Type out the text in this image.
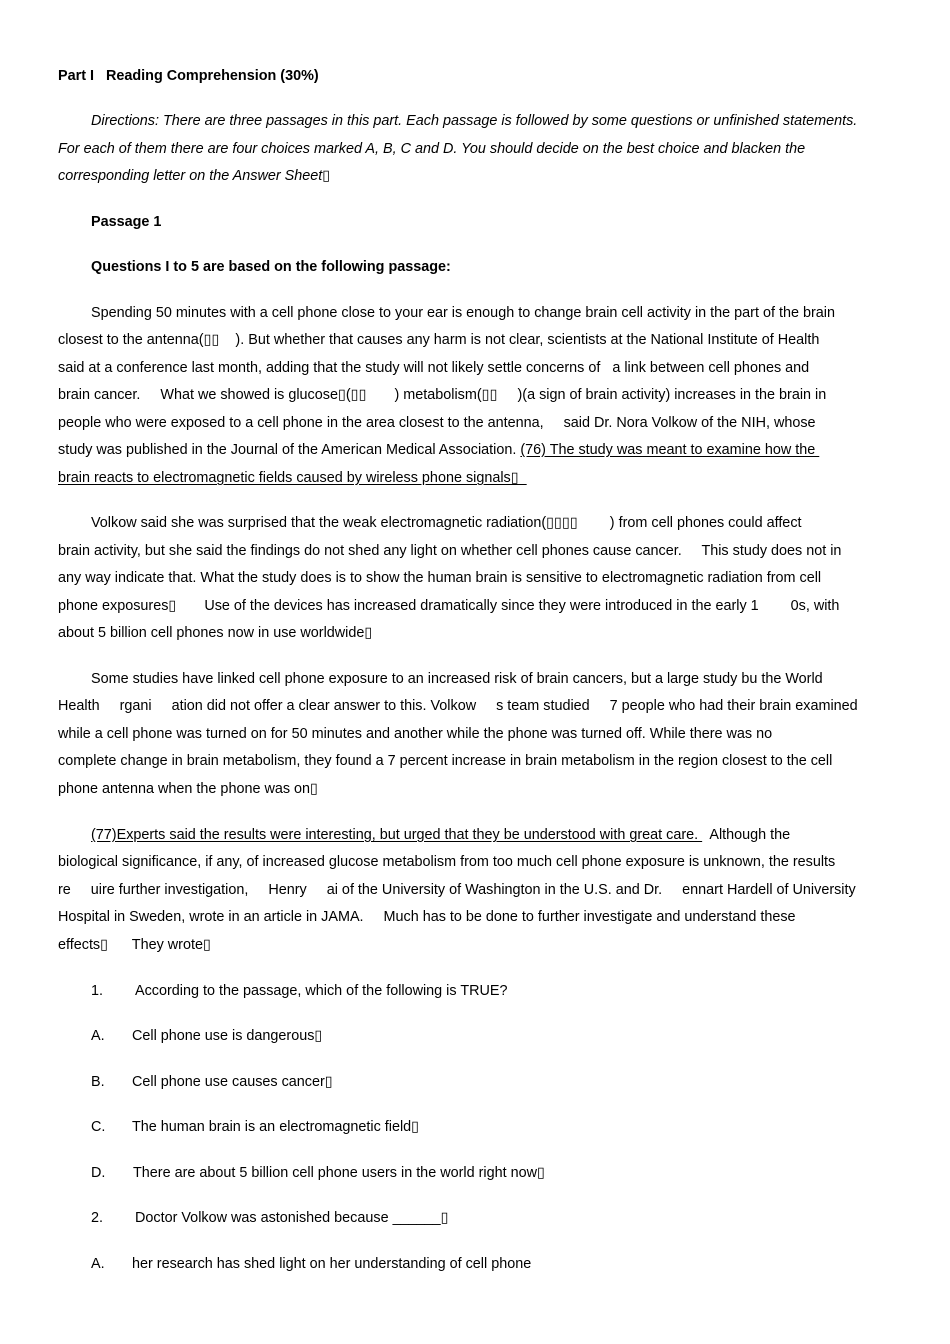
Part I   Reading Comprehension (30%)
Directions: There are three passages in this part. Each passage is followed by some questions or unfinished statements.
For each of them there are four choices marked A, B, C and D. You should decide on the best choice and blacken the
corresponding letter on the Answer Sheet▯
Passage 1
Questions I to 5 are based on the following passage:
Spending 50 minutes with a cell phone close to your ear is enough to change brain cell activity in the part of the brain
closest to the antenna(▯▯    ). But whether that causes any harm is not clear, scientists at the National Institute of Health
said at a conference last month, adding that the study will not likely settle concerns of   a link between cell phones and
brain cancer.     What we showed is glucose▯(▯▯       ) metabolism(▯▯     )(a sign of brain activity) increases in the brain in
people who were exposed to a cell phone in the area closest to the antenna,     said Dr. Nora Volkow of the NIH, whose
study was published in the Journal of the American Medical Association. (76) The study was meant to examine how the
brain reacts to electromagnetic fields caused by wireless phone signals▯
Volkow said she was surprised that the weak electromagnetic radiation(▯▯▯▯        ) from cell phones could affect
brain activity, but she said the findings do not shed any light on whether cell phones cause cancer.     This study does not in
any way indicate that. What the study does is to show the human brain is sensitive to electromagnetic radiation from cell
phone exposures▯       Use of the devices has increased dramatically since they were introduced in the early 1        0s, with
about 5 billion cell phones now in use worldwide▯
Some studies have linked cell phone exposure to an increased risk of brain cancers, but a large study bu the World
Health     rgani     ation did not offer a clear answer to this. Volkow     s team studied     7 people who had their brain examined
while a cell phone was turned on for 50 minutes and another while the phone was turned off. While there was no
complete change in brain metabolism, they found a 7 percent increase in brain metabolism in the region closest to the cell
phone antenna when the phone was on▯
(77)Experts said the results were interesting, but urged that they be understood with great care.   Although the
biological significance, if any, of increased glucose metabolism from too much cell phone exposure is unknown, the results
re     uire further investigation,     Henry     ai of the University of Washington in the U.S. and Dr.     ennart Hardell of University
Hospital in Sweden, wrote in an article in JAMA.     Much has to be done to further investigate and understand these
effects▯      They wrote▯
1. According to the passage, which of the following is TRUE?
A. Cell phone use is dangerous▯
B. Cell phone use causes cancer▯
C. The human brain is an electromagnetic field▯
D. There are about 5 billion cell phone users in the world right now▯
2. Doctor Volkow was astonished because ______▯
A. her research has shed light on her understanding of cell phone
